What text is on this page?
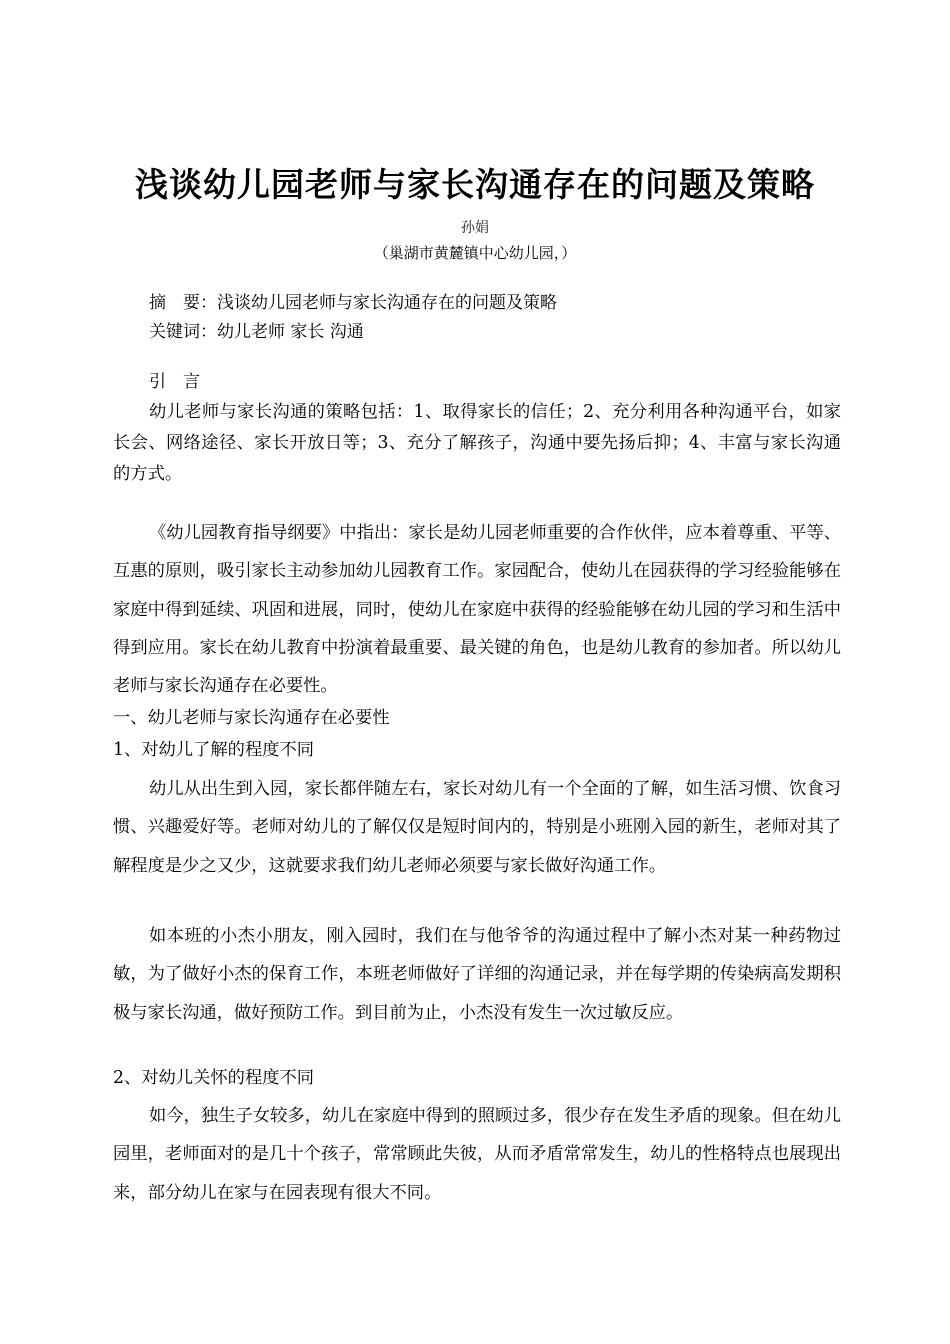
浅谈幼儿园老师与家长沟通存在的问题及策略
孙娟
（巢湖市黄麓镇中心幼儿园，）
摘　要：浅谈幼儿园老师与家长沟通存在的问题及策略
关键词：幼儿老师 家长 沟通
引　言
幼儿老师与家长沟通的策略包括：1、取得家长的信任；2、充分利用各种沟通平台，如家长会、网络途径、家长开放日等；3、充分了解孩子，沟通中要先扬后抑；4、丰富与家长沟通的方式。
《幼儿园教育指导纲要》中指出：家长是幼儿园老师重要的合作伙伴，应本着尊重、平等、互惠的原则，吸引家长主动参加幼儿园教育工作。家园配合，使幼儿在园获得的学习经验能够在家庭中得到延续、巩固和进展，同时，使幼儿在家庭中获得的经验能够在幼儿园的学习和生活中得到应用。家长在幼儿教育中扮演着最重要、最关键的角色，也是幼儿教育的参加者。所以幼儿老师与家长沟通存在必要性。
一、幼儿老师与家长沟通存在必要性
1、对幼儿了解的程度不同
幼儿从出生到入园，家长都伴随左右，家长对幼儿有一个全面的了解，如生活习惯、饮食习惯、兴趣爱好等。老师对幼儿的了解仅仅是短时间内的，特别是小班刚入园的新生，老师对其了解程度是少之又少，这就要求我们幼儿老师必须要与家长做好沟通工作。
如本班的小杰小朋友，刚入园时，我们在与他爷爷的沟通过程中了解小杰对某一种药物过敏，为了做好小杰的保育工作，本班老师做好了详细的沟通记录，并在每学期的传染病高发期积极与家长沟通，做好预防工作。到目前为止，小杰没有发生一次过敏反应。
2、对幼儿关怀的程度不同
如今，独生子女较多，幼儿在家庭中得到的照顾过多，很少存在发生矛盾的现象。但在幼儿园里，老师面对的是几十个孩子，常常顾此失彼，从而矛盾常常发生，幼儿的性格特点也展现出来，部分幼儿在家与在园表现有很大不同。
